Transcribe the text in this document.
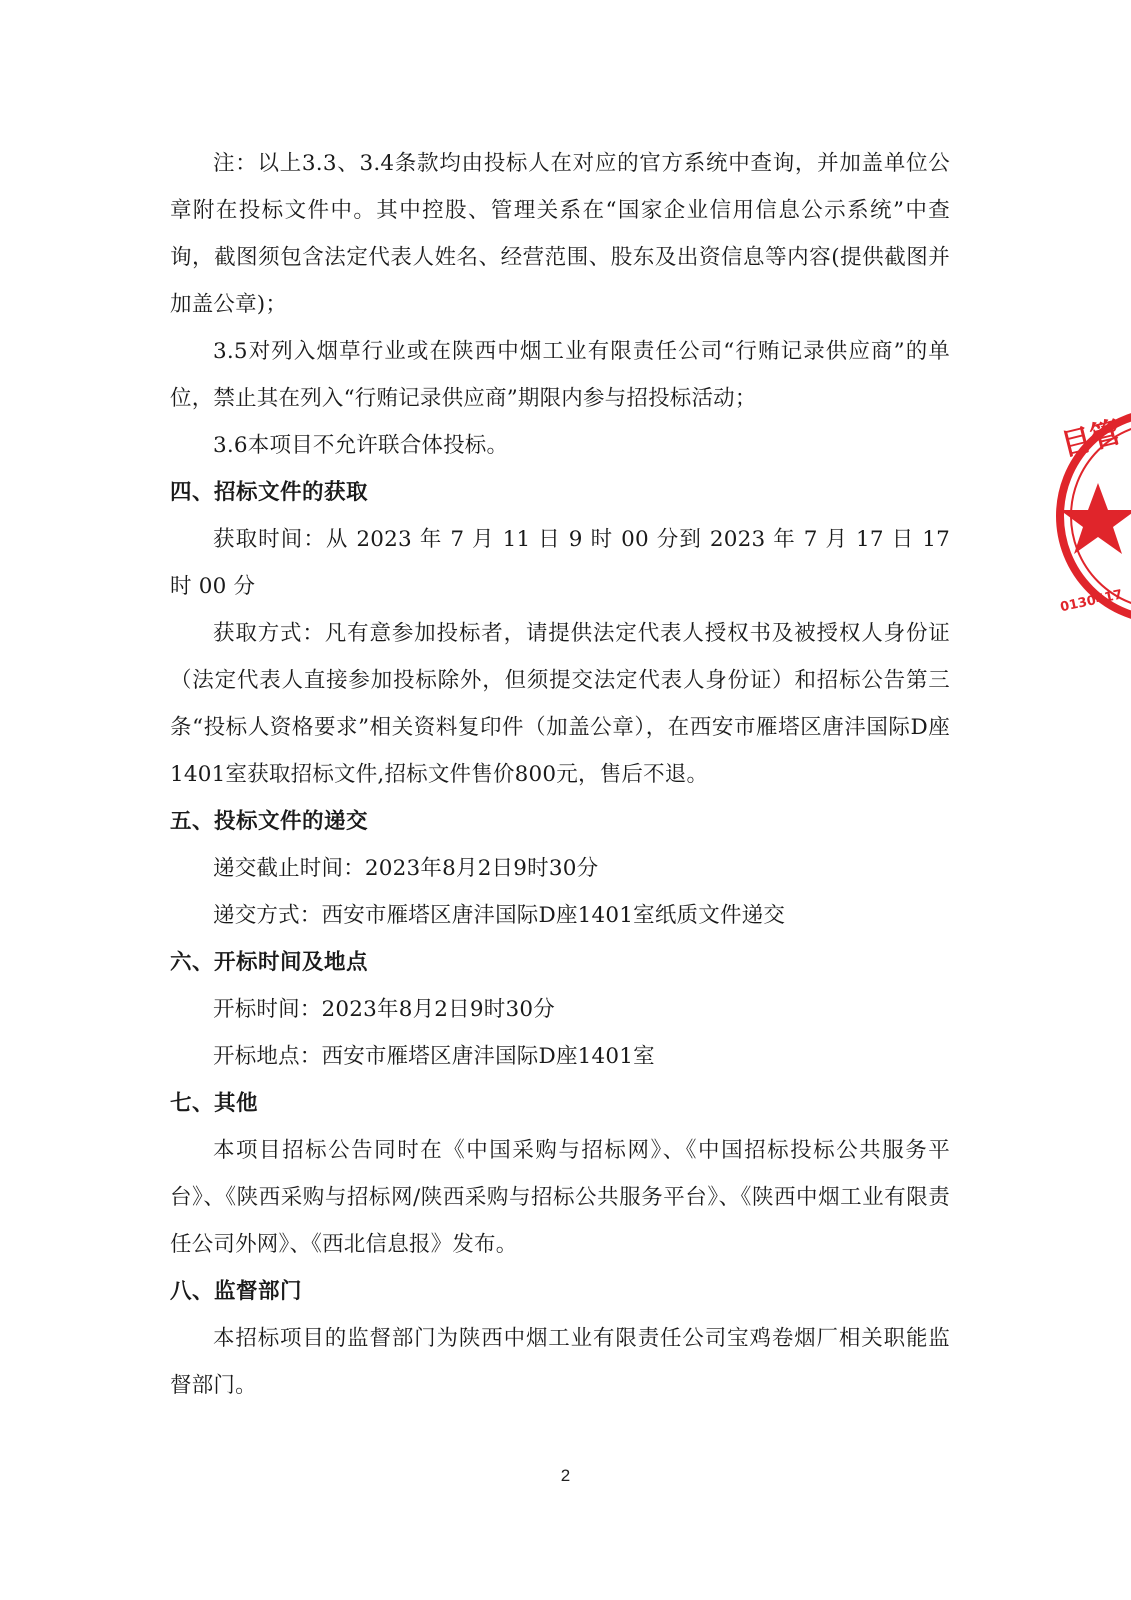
注：以上3.3、3.4条款均由投标人在对应的官方系统中查询，并加盖单位公章附在投标文件中。其中控股、管理关系在“国家企业信用信息公示系统”中查询，截图须包含法定代表人姓名、经营范围、股东及出资信息等内容(提供截图并加盖公章)；

3.5对列入烟草行业或在陕西中烟工业有限责任公司“行贿记录供应商”的单位，禁止其在列入“行贿记录供应商”期限内参与招投标活动；

3.6本项目不允许联合体投标。

四、招标文件的获取

获取时间：从 2023 年 7 月 11 日 9 时 00 分到 2023 年 7 月 17 日 17 时 00 分

获取方式：凡有意参加投标者，请提供法定代表人授权书及被授权人身份证（法定代表人直接参加投标除外，但须提交法定代表人身份证）和招标公告第三条“投标人资格要求”相关资料复印件（加盖公章），在西安市雁塔区唐沣国际D座1401室获取招标文件,招标文件售价800元，售后不退。

五、投标文件的递交

递交截止时间：2023年8月2日9时30分

递交方式：西安市雁塔区唐沣国际D座1401室纸质文件递交

六、开标时间及地点

开标时间：2023年8月2日9时30分

开标地点：西安市雁塔区唐沣国际D座1401室

七、其他

本项目招标公告同时在《中国采购与招标网》、《中国招标投标公共服务平台》、《陕西采购与招标网/陕西采购与招标公共服务平台》、《陕西中烟工业有限责任公司外网》、《西北信息报》发布。

八、监督部门

本招标项目的监督部门为陕西中烟工业有限责任公司宝鸡卷烟厂相关职能监督部门。

目管
0130417
2
